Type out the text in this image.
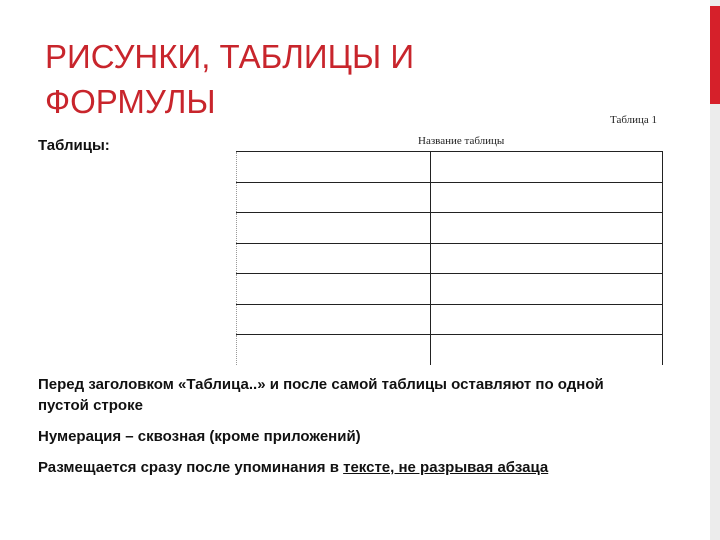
РИСУНКИ, ТАБЛИЦЫ И ФОРМУЛЫ
Таблицы:
Таблица 1
Название таблицы

Перед заголовком «Таблица..» и после самой таблицы оставляют по одной пустой строке

Нумерация – сквозная (кроме приложений)

Размещается сразу после упоминания в тексте, не разрывая абзаца
